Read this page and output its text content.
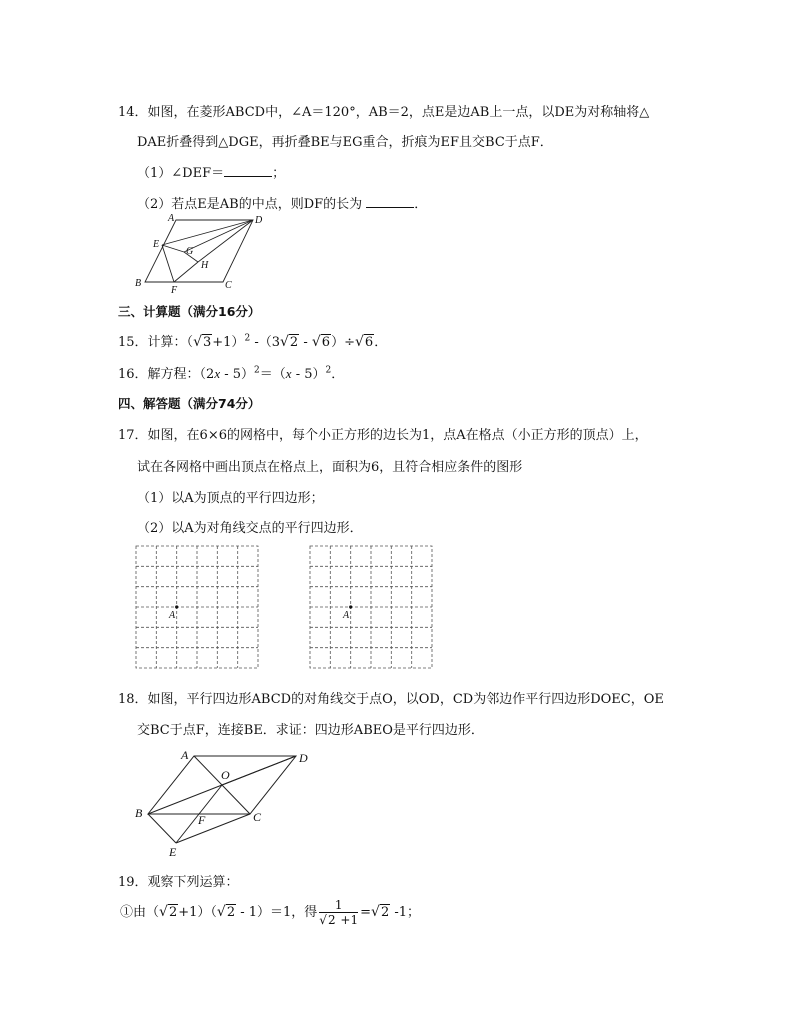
14．如图，在菱形ABCD中，∠A＝120°，AB＝2，点E是边AB上一点，以DE为对称轴将△
DAE折叠得到△DGE，再折叠BE与EG重合，折痕为EF且交BC于点F．
（1）∠DEF＝	；
（2）若点E是AB的中点，则DF的长为	．
A	D
E
G
H
B
F	C
三、计算题（满分16分）
15．计算：$(√3+1)^2$ -（3√2 - √6）÷√6．
16．解方程：（2x - 5）$^2$＝（x - 5）$^2$．
四、解答题（满分74分）
17．如图，在6×6的网格中，每个小正方形的边长为1，点A在格点（小正方形的顶点）上，
试在各网格中画出顶点在格点上，面积为6，且符合相应条件的图形
（1）以A为顶点的平行四边形；
（2）以A为对角线交点的平行四边形．
A	A
18．如图，平行四边形ABCD的对角线交于点O，以OD，CD为邻边作平行四边形DOEC，OE
交BC于点F，连接BE．求证：四边形ABEO是平行四边形．
A	D
O
B	F	C
E
19．观察下列运算：
①由（√2+1）（√2 - 1）＝1，得 $\frac{1}{√2 +1} =√2$ -1；
